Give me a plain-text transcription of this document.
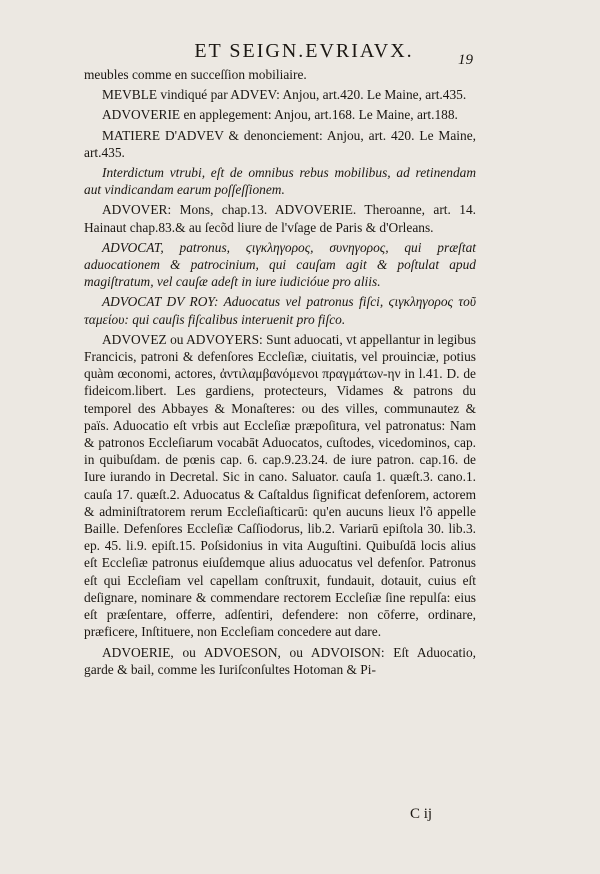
ET SEIGN.EVRIAVX.	19

meubles comme en succeſſion mobiliaire.

MEVBLE vindiqué par ADVEV: Anjou, art.420. Le Maine, art.435.

ADVOVERIE en applegement: Anjou, art.168. Le Maine, art.188.

MATIERE D'ADVEV & denonciement: Anjou, art. 420. Le Maine, art.435.

Interdictum vtrubi, eſt de omnibus rebus mobilibus, ad retinendam aut vindicandam earum poſſeſſionem.

ADVOVER: Mons, chap.13. ADVOVERIE. Theroanne, art. 14. Hainaut chap.83.& au ſecõd liure de l'vſage de Paris & d'Orleans.

ADVOCAT, patronus, ϛιγκληγορος, συνηγορος, qui præſtat aduocationem & patrocinium, qui cauſam agit & poſtulat apud magiſtratum, vel cauſæ adeſt in iure iudicióue pro aliis.

ADVOCAT DV ROY: Aduocatus vel patronus fiſci, ϛιγκληγορος τοῦ ταμείου: qui cauſis fiſcalibus interuenit pro fiſco.

ADVOVEZ ou ADVOYERS: Sunt aduocati, vt appellantur in legibus Francicis, patroni & defenſores Eccleſiæ, ciuitatis, vel prouinciæ, potius quàm œconomi, actores, ἀντιλαμβανόμενοι πραγμάτων-ην in l.41. D. de fideicom.libert. Les gardiens, protecteurs, Vidames & patrons du temporel des Abbayes & Monaſteres: ou des villes, communautez & païs. Aduocatio eſt vrbis aut Eccleſiæ præpoſitura, vel patronatus: Nam & patronos Eccleſiarum vocabāt Aduocatos, cuſtodes, vicedominos, cap. in quibuſdam. de pœnis cap. 6. cap.9.23.24. de iure patron. cap.16. de Iure iurando in Decretal. Sic in cano. Saluator. cauſa 1. quæſt.3. cano.1. cauſa 17. quæſt.2. Aduocatus & Caſtaldus ſignificat defenſorem, actorem & adminiſtratorem rerum Eccleſiaſticarū: qu'en aucuns lieux l'õ appelle Baille. Defenſores Eccleſiæ Caſſiodorus, lib.2. Variarū epiſtola 30. lib.3. ep. 45. li.9. epiſt.15. Poſsidonius in vita Auguſtini. Quibuſdā locis alius eſt Eccleſiæ patronus eiuſdemque alius aduocatus vel defenſor. Patronus eſt qui Eccleſiam vel capellam conſtruxit, fundauit, dotauit, cuius eſt deſignare, nominare & commendare rectorem Eccleſiæ ſine repulſa: eius eſt præſentare, offerre, adſentiri, defendere: non cōferre, ordinare, præficere, Inſtituere, non Eccleſiam concedere aut dare.

ADVOERIE, ou ADVOESON, ou ADVOISON: Eſt Aduocatio, garde & bail, comme les Iuriſconſultes Hotoman & Pi-

C ij
